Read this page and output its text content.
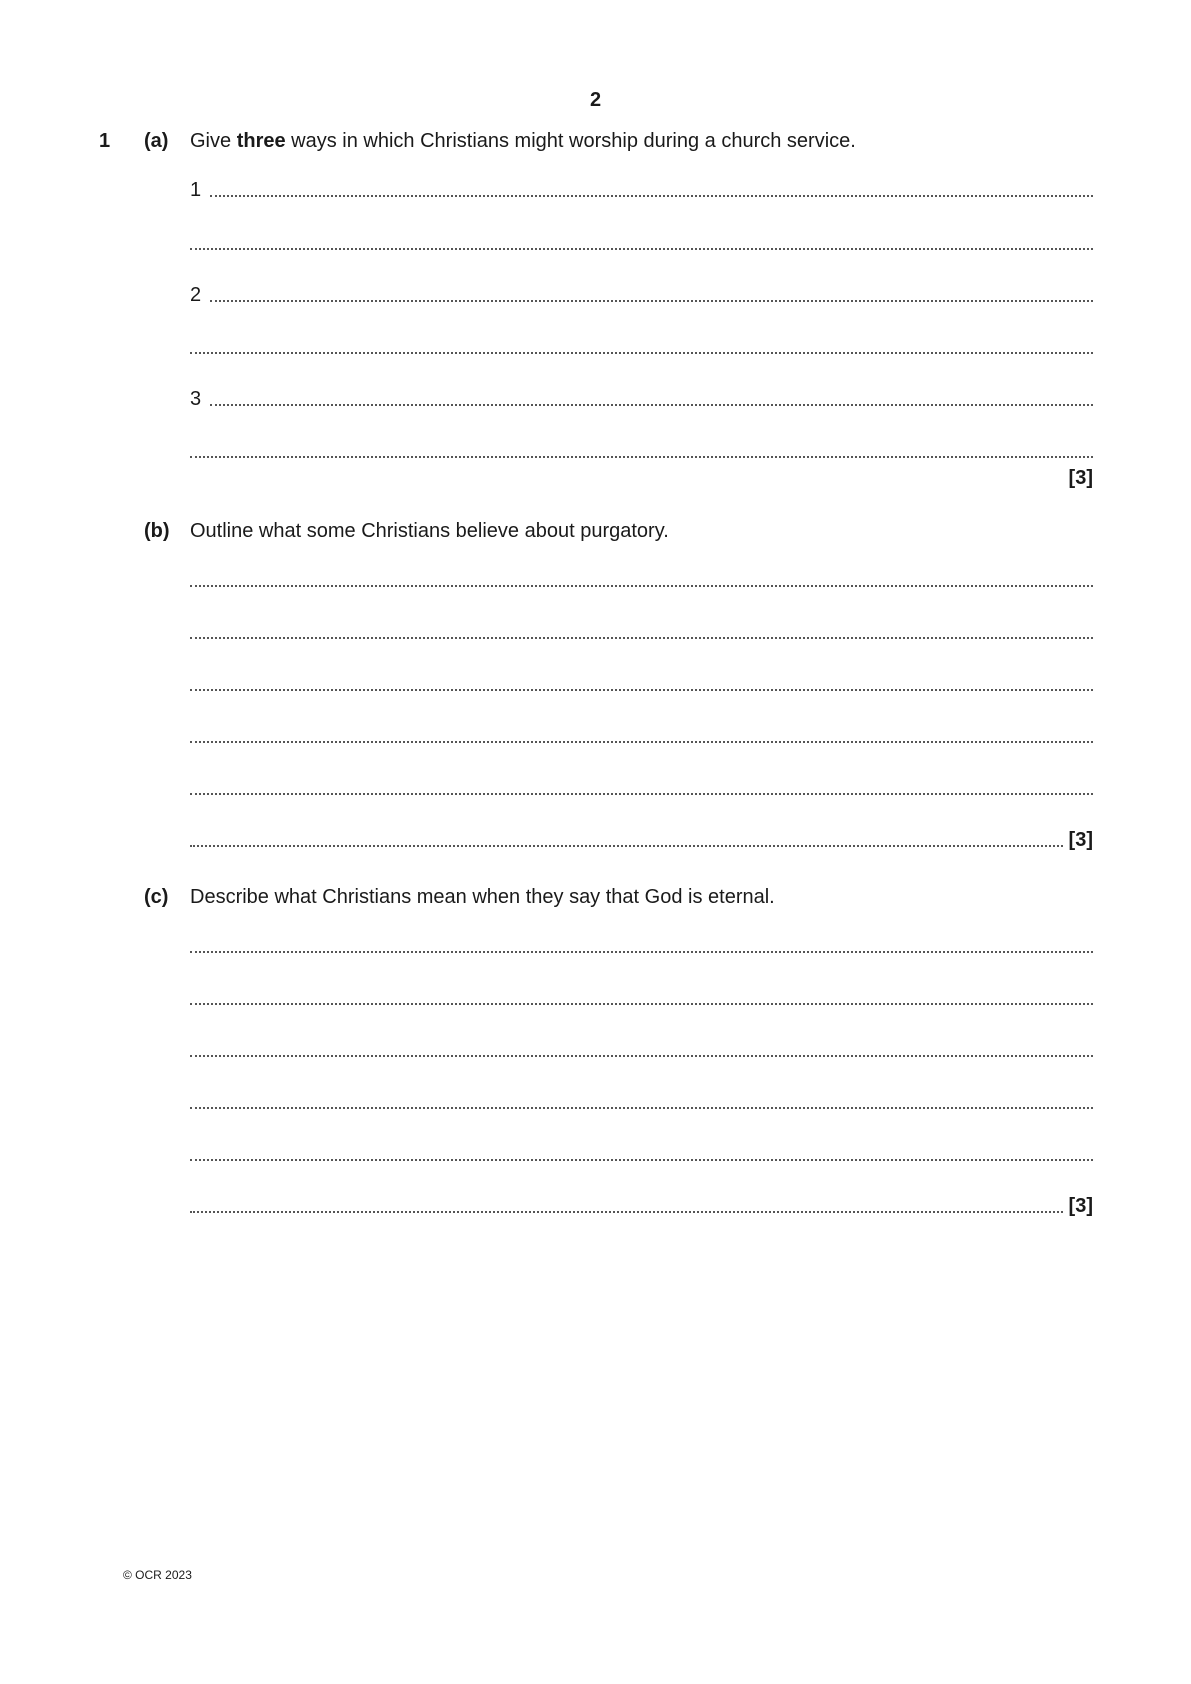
2
1 (a) Give three ways in which Christians might worship during a church service.
1
2
3
[3]
(b) Outline what some Christians believe about purgatory.
[3]
(c) Describe what Christians mean when they say that God is eternal.
[3]
© OCR 2023
